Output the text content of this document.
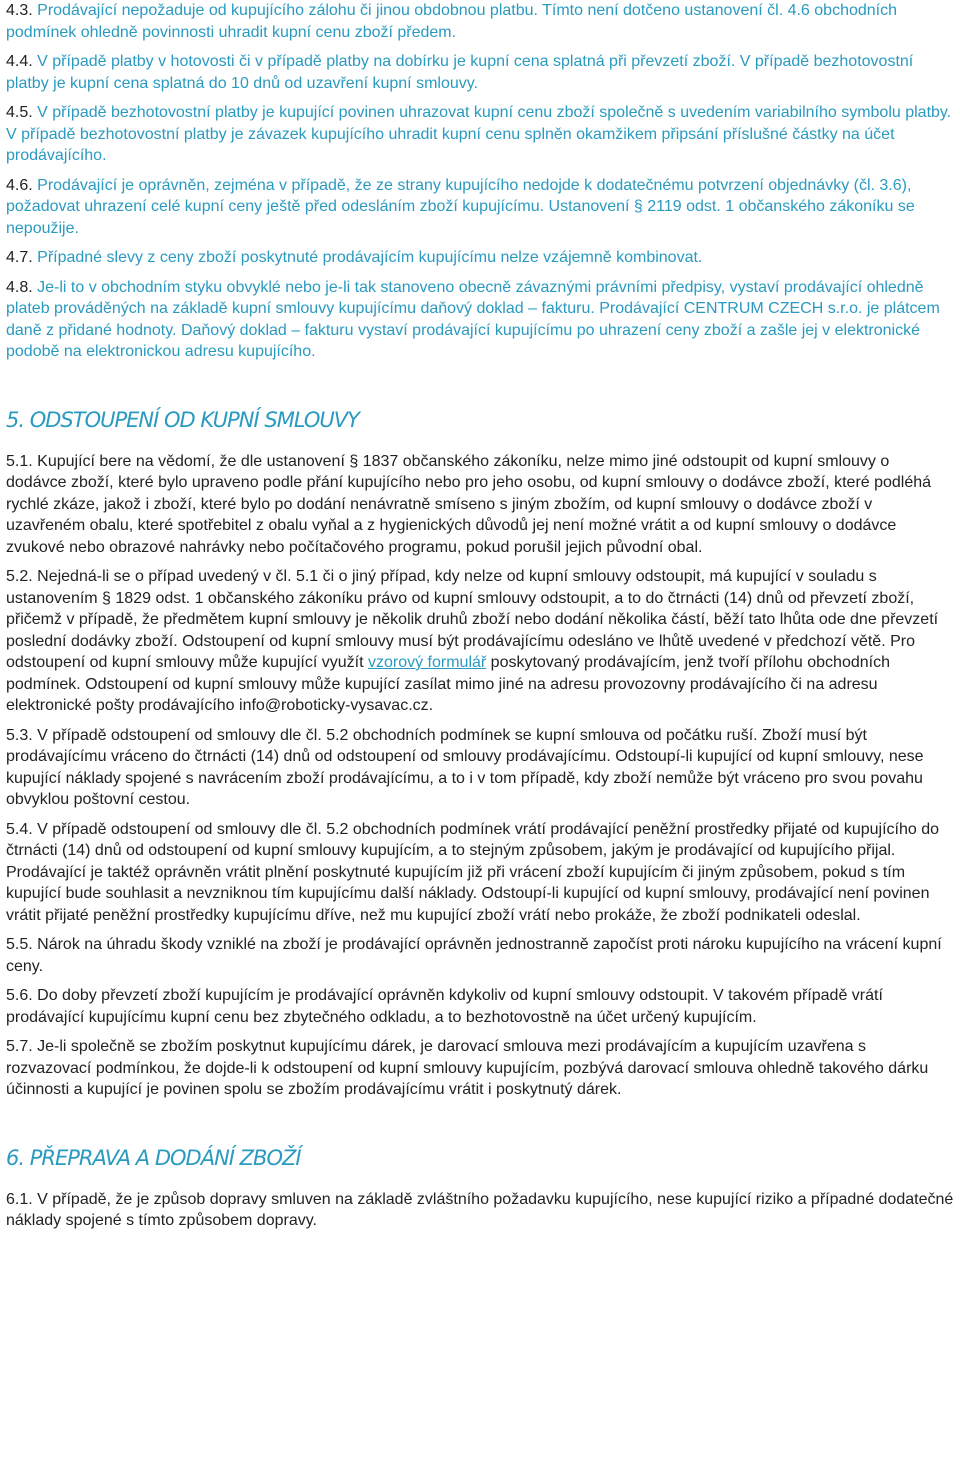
4.3. Prodávající nepožaduje od kupujícího zálohu či jinou obdobnou platbu. Tímto není dotčeno ustanovení čl. 4.6 obchodních podmínek ohledně povinnosti uhradit kupní cenu zboží předem.

4.4. V případě platby v hotovosti či v případě platby na dobírku je kupní cena splatná při převzetí zboží. V případě bezhotovostní platby je kupní cena splatná do 10 dnů od uzavření kupní smlouvy.

4.5. V případě bezhotovostní platby je kupující povinen uhrazovat kupní cenu zboží společně s uvedením variabilního symbolu platby. V případě bezhotovostní platby je závazek kupujícího uhradit kupní cenu splněn okamžikem připsání příslušné částky na účet prodávajícího.

4.6. Prodávající je oprávněn, zejména v případě, že ze strany kupujícího nedojde k dodatečnému potvrzení objednávky (čl. 3.6), požadovat uhrazení celé kupní ceny ještě před odesláním zboží kupujícímu. Ustanovení § 2119 odst. 1 občanského zákoníku se nepoužije.

4.7. Případné slevy z ceny zboží poskytnuté prodávajícím kupujícímu nelze vzájemně kombinovat.

4.8. Je-li to v obchodním styku obvyklé nebo je-li tak stanoveno obecně závaznými právními předpisy, vystaví prodávající ohledně plateb prováděných na základě kupní smlouvy kupujícímu daňový doklad – fakturu. Prodávající CENTRUM CZECH s.r.o. je plátcem daně z přidané hodnoty. Daňový doklad – fakturu vystaví prodávající kupujícímu po uhrazení ceny zboží a zašle jej v elektronické podobě na elektronickou adresu kupujícího.

5. ODSTOUPENÍ OD KUPNÍ SMLOUVY

5.1. Kupující bere na vědomí, že dle ustanovení § 1837 občanského zákoníku, nelze mimo jiné odstoupit od kupní smlouvy o dodávce zboží, které bylo upraveno podle přání kupujícího nebo pro jeho osobu, od kupní smlouvy o dodávce zboží, které podléhá rychlé zkáze, jakož i zboží, které bylo po dodání nenávratně smíseno s jiným zbožím, od kupní smlouvy o dodávce zboží v uzavřeném obalu, které spotřebitel z obalu vyňal a z hygienických důvodů jej není možné vrátit a od kupní smlouvy o dodávce zvukové nebo obrazové nahrávky nebo počítačového programu, pokud porušil jejich původní obal.

5.2. Nejedná-li se o případ uvedený v čl. 5.1 či o jiný případ, kdy nelze od kupní smlouvy odstoupit, má kupující v souladu s ustanovením § 1829 odst. 1 občanského zákoníku právo od kupní smlouvy odstoupit, a to do čtrnácti (14) dnů od převzetí zboží, přičemž v případě, že předmětem kupní smlouvy je několik druhů zboží nebo dodání několika částí, běží tato lhůta ode dne převzetí poslední dodávky zboží. Odstoupení od kupní smlouvy musí být prodávajícímu odesláno ve lhůtě uvedené v předchozí větě. Pro odstoupení od kupní smlouvy může kupující využít vzorový formulář poskytovaný prodávajícím, jenž tvoří přílohu obchodních podmínek. Odstoupení od kupní smlouvy může kupující zasílat mimo jiné na adresu provozovny prodávajícího či na adresu elektronické pošty prodávajícího info@roboticky-vysavac.cz.

5.3. V případě odstoupení od smlouvy dle čl. 5.2 obchodních podmínek se kupní smlouva od počátku ruší. Zboží musí být prodávajícímu vráceno do čtrnácti (14) dnů od odstoupení od smlouvy prodávajícímu. Odstoupí-li kupující od kupní smlouvy, nese kupující náklady spojené s navrácením zboží prodávajícímu, a to i v tom případě, kdy zboží nemůže být vráceno pro svou povahu obvyklou poštovní cestou.

5.4. V případě odstoupení od smlouvy dle čl. 5.2 obchodních podmínek vrátí prodávající peněžní prostředky přijaté od kupujícího do čtrnácti (14) dnů od odstoupení od kupní smlouvy kupujícím, a to stejným způsobem, jakým je prodávající od kupujícího přijal. Prodávající je taktéž oprávněn vrátit plnění poskytnuté kupujícím již při vrácení zboží kupujícím či jiným způsobem, pokud s tím kupující bude souhlasit a nevzniknou tím kupujícímu další náklady. Odstoupí-li kupující od kupní smlouvy, prodávající není povinen vrátit přijaté peněžní prostředky kupujícímu dříve, než mu kupující zboží vrátí nebo prokáže, že zboží podnikateli odeslal.

5.5. Nárok na úhradu škody vzniklé na zboží je prodávající oprávněn jednostranně započíst proti nároku kupujícího na vrácení kupní ceny.

5.6. Do doby převzetí zboží kupujícím je prodávající oprávněn kdykoliv od kupní smlouvy odstoupit. V takovém případě vrátí prodávající kupujícímu kupní cenu bez zbytečného odkladu, a to bezhotovostně na účet určený kupujícím.

5.7. Je-li společně se zbožím poskytnut kupujícímu dárek, je darovací smlouva mezi prodávajícím a kupujícím uzavřena s rozvazovací podmínkou, že dojde-li k odstoupení od kupní smlouvy kupujícím, pozbývá darovací smlouva ohledně takového dárku účinnosti a kupující je povinen spolu se zbožím prodávajícímu vrátit i poskytnutý dárek.

6. PŘEPRAVA A DODÁNÍ ZBOŽÍ

6.1. V případě, že je způsob dopravy smluven na základě zvláštního požadavku kupujícího, nese kupující riziko a případné dodatečné náklady spojené s tímto způsobem dopravy.
